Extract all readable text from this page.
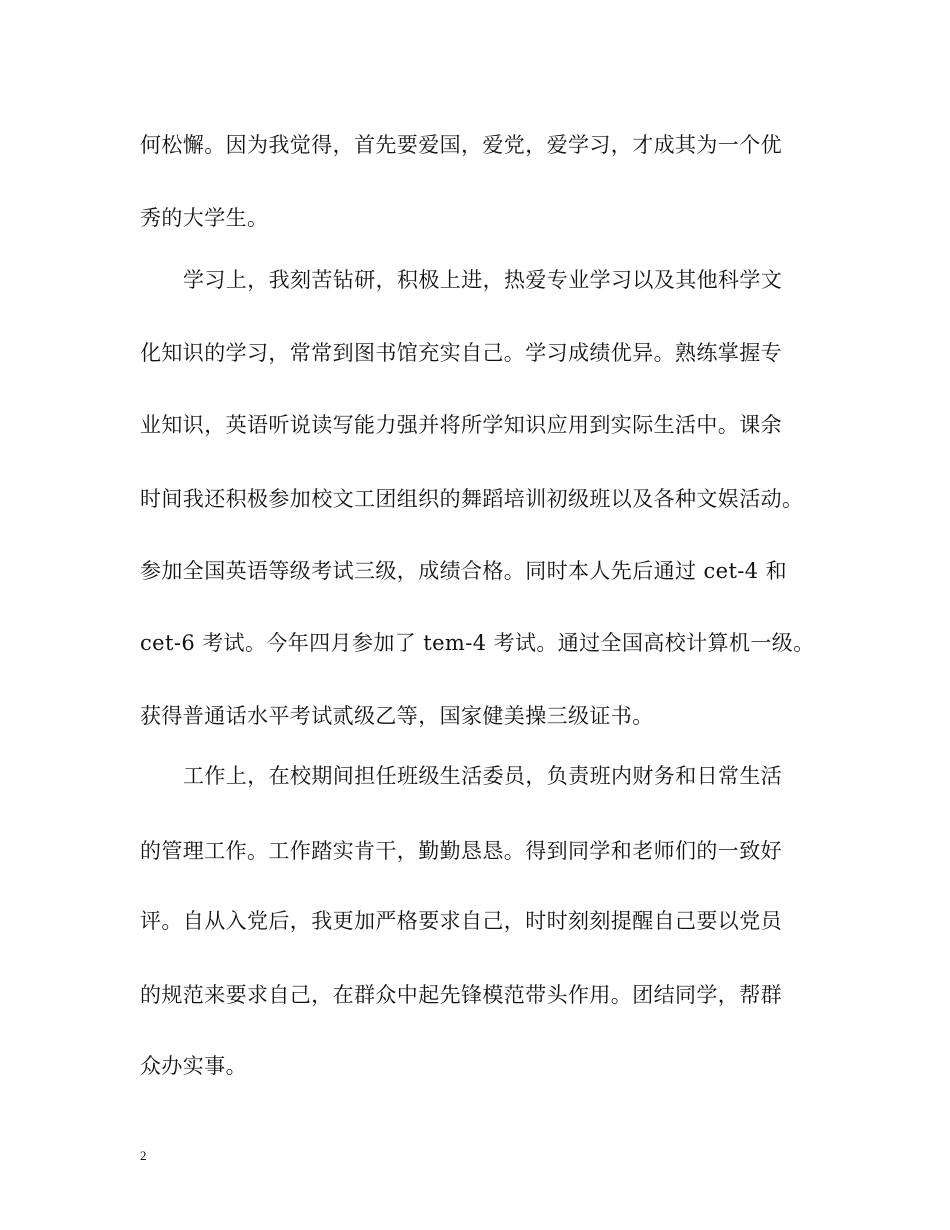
何松懈。因为我觉得，首先要爱国，爱党，爱学习，才成其为一个优
秀的大学生。
学习上，我刻苦钻研，积极上进，热爱专业学习以及其他科学文
化知识的学习，常常到图书馆充实自己。学习成绩优异。熟练掌握专
业知识，英语听说读写能力强并将所学知识应用到实际生活中。课余
时间我还积极参加校文工团组织的舞蹈培训初级班以及各种文娱活动。
参加全国英语等级考试三级，成绩合格。同时本人先后通过 cet-4 和
cet-6 考试。今年四月参加了 tem-4 考试。通过全国高校计算机一级。
获得普通话水平考试贰级乙等，国家健美操三级证书。
工作上，在校期间担任班级生活委员，负责班内财务和日常生活
的管理工作。工作踏实肯干，勤勤恳恳。得到同学和老师们的一致好
评。自从入党后，我更加严格要求自己，时时刻刻提醒自己要以党员
的规范来要求自己，在群众中起先锋模范带头作用。团结同学，帮群
众办实事。
2
